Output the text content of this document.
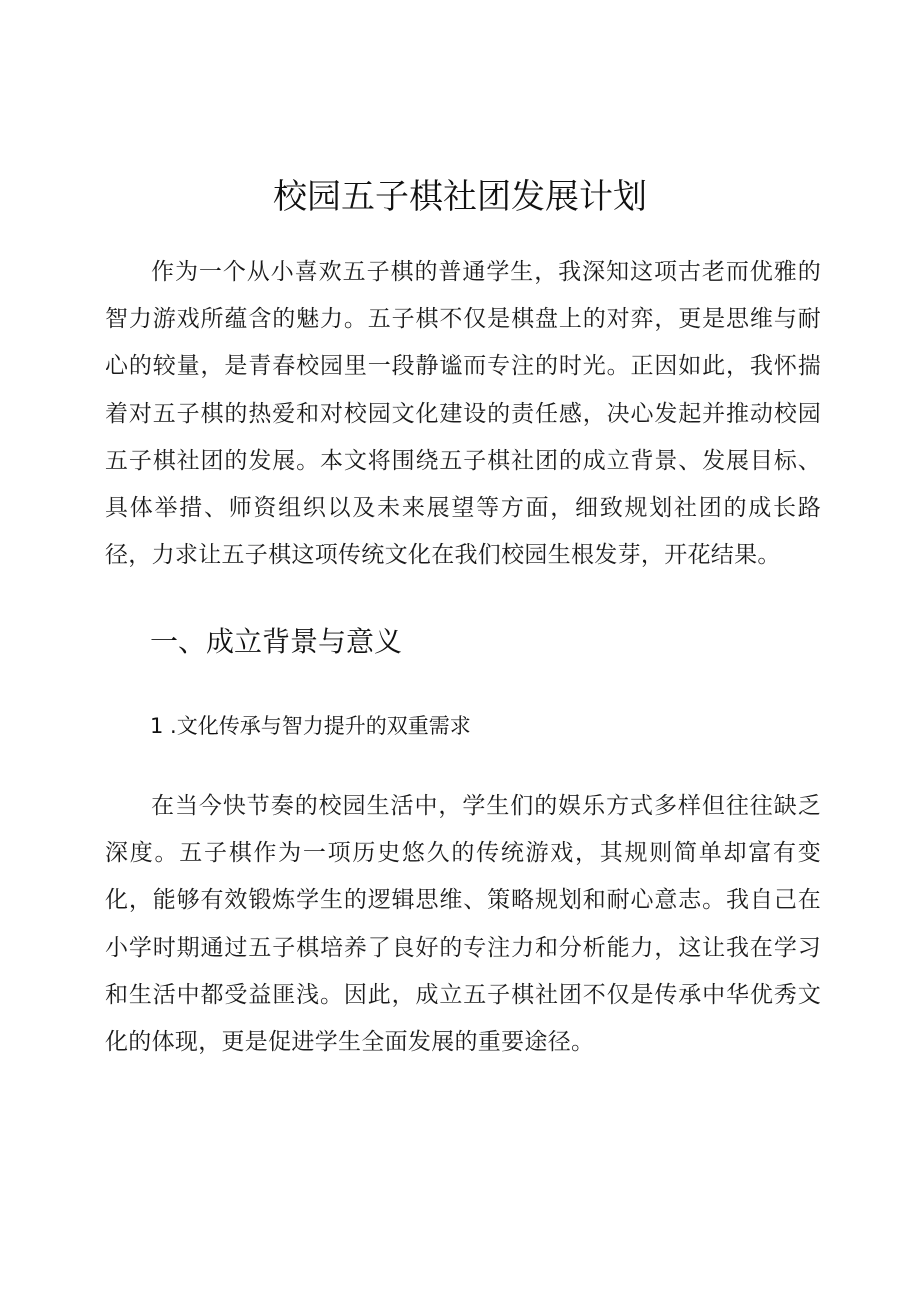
校园五子棋社团发展计划

作为一个从小喜欢五子棋的普通学生，我深知这项古老而优雅的智力游戏所蕴含的魅力。五子棋不仅是棋盘上的对弈，更是思维与耐心的较量，是青春校园里一段静谧而专注的时光。正因如此，我怀揣着对五子棋的热爱和对校园文化建设的责任感，决心发起并推动校园五子棋社团的发展。本文将围绕五子棋社团的成立背景、发展目标、具体举措、师资组织以及未来展望等方面，细致规划社团的成长路径，力求让五子棋这项传统文化在我们校园生根发芽，开花结果。

一、成立背景与意义
1 .文化传承与智力提升的双重需求

在当今快节奏的校园生活中，学生们的娱乐方式多样但往往缺乏深度。五子棋作为一项历史悠久的传统游戏，其规则简单却富有变化，能够有效锻炼学生的逻辑思维、策略规划和耐心意志。我自己在小学时期通过五子棋培养了良好的专注力和分析能力，这让我在学习和生活中都受益匪浅。因此，成立五子棋社团不仅是传承中华优秀文化的体现，更是促进学生全面发展的重要途径。
